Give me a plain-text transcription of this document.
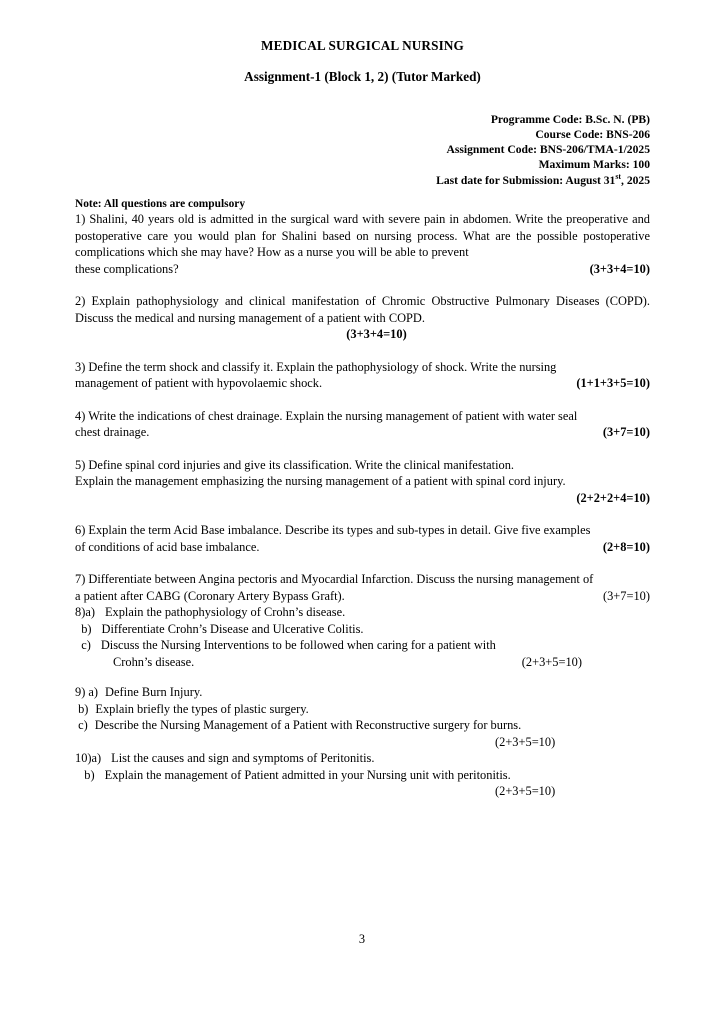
MEDICAL SURGICAL NURSING
Assignment-1 (Block 1, 2) (Tutor Marked)
Programme Code: B.Sc. N. (PB)
Course Code: BNS-206
Assignment Code: BNS-206/TMA-1/2025
Maximum Marks: 100
Last date for Submission: August 31st, 2025
Note: All questions are compulsory
1) Shalini, 40 years old is admitted in the surgical ward with severe pain in abdomen. Write the preoperative and postoperative care you would plan for Shalini based on nursing process. What are the possible postoperative complications which she may have? How as a nurse you will be able to prevent
(3+3+4=10)
these complications?
2) Explain pathophysiology and clinical manifestation of Chromic Obstructive Pulmonary Diseases (COPD). Discuss the medical and nursing management of a patient with COPD.
(3+3+4=10)
3) Define the term shock and classify it. Explain the pathophysiology of shock. Write the nursing
(1+1+3+5=10)
management of patient with hypovolaemic shock.
4) Write the indications of chest drainage. Explain the nursing management of patient with water seal
(3+7=10)
chest drainage.
5) Define spinal cord injuries and give its classification. Write the clinical manifestation.
Explain the management emphasizing the nursing management of a patient with spinal cord injury.
(2+2+2+4=10)
6) Explain the term Acid Base imbalance. Describe its types and sub-types in detail. Give five examples
(2+8=10)
of conditions of acid base imbalance.
7) Differentiate between Angina pectoris and Myocardial Infarction. Discuss the nursing management of
(3+7=10)
a patient after CABG (Coronary Artery Bypass Graft).
8)a) Explain the pathophysiology of Crohn’s disease.
b) Differentiate Crohn’s Disease and Ulcerative Colitis.
c) Discuss the Nursing Interventions to be followed when caring for a patient with
(2+3+5=10)
Crohn’s disease.
9) a) Define Burn Injury.
b) Explain briefly the types of plastic surgery.
c) Describe the Nursing Management of a Patient with Reconstructive surgery for burns.
(2+3+5=10)
10)a) List the causes and sign and symptoms of Peritonitis.
b) Explain the management of Patient admitted in your Nursing unit with peritonitis.
(2+3+5=10)
3
